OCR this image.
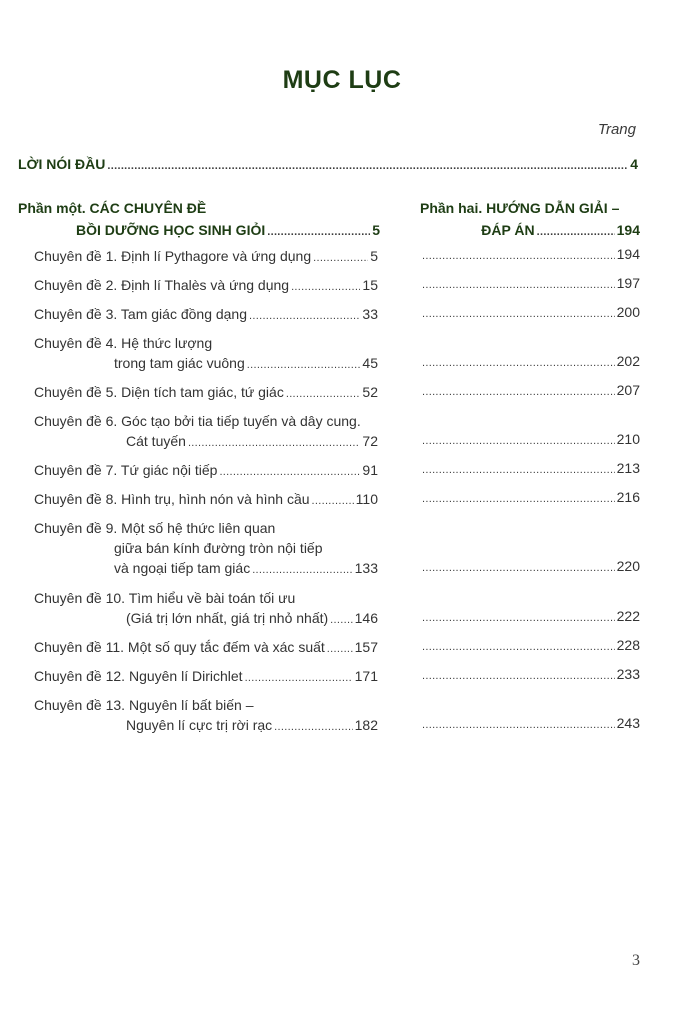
MỤC LỤC
Trang
LỜI NÓI ĐẦU .....	4
Phần một. CÁC CHUYÊN ĐỀ
BỒI DƯỠNG HỌC SINH GIỎI .....	5
Phần hai. HƯỚNG DẪN GIẢI –
ĐÁP ÁN .....	194
Chuyên đề 1. Định lí Pythagore và ứng dụng .....	5 .....	194
Chuyên đề 2. Định lí Thalès và ứng dụng .....	15 .....	197
Chuyên đề 3. Tam giác đồng dạng .....	33 .....	200
Chuyên đề 4. Hệ thức lượng
trong tam giác vuông .....	45 .....	202
Chuyên đề 5. Diện tích tam giác, tứ giác .....	52 .....	207
Chuyên đề 6. Góc tạo bởi tia tiếp tuyến và dây cung.
Cát tuyến .....	72 .....	210
Chuyên đề 7. Tứ giác nội tiếp .....	91 .....	213
Chuyên đề 8. Hình trụ, hình nón và hình cầu .....	110 .....	216
Chuyên đề 9. Một số hệ thức liên quan
giữa bán kính đường tròn nội tiếp
và ngoại tiếp tam giác .....	133 .....	220
Chuyên đề 10. Tìm hiểu về bài toán tối ưu
(Giá trị lớn nhất, giá trị nhỏ nhất) ..... 146 .....	222
Chuyên đề 11. Một số quy tắc đếm và xác suất ..... 157 .....	228
Chuyên đề 12. Nguyên lí Dirichlet .....	171 .....	233
Chuyên đề 13. Nguyên lí bất biến –
Nguyên lí cực trị rời rạc .....	182 .....	243
3
